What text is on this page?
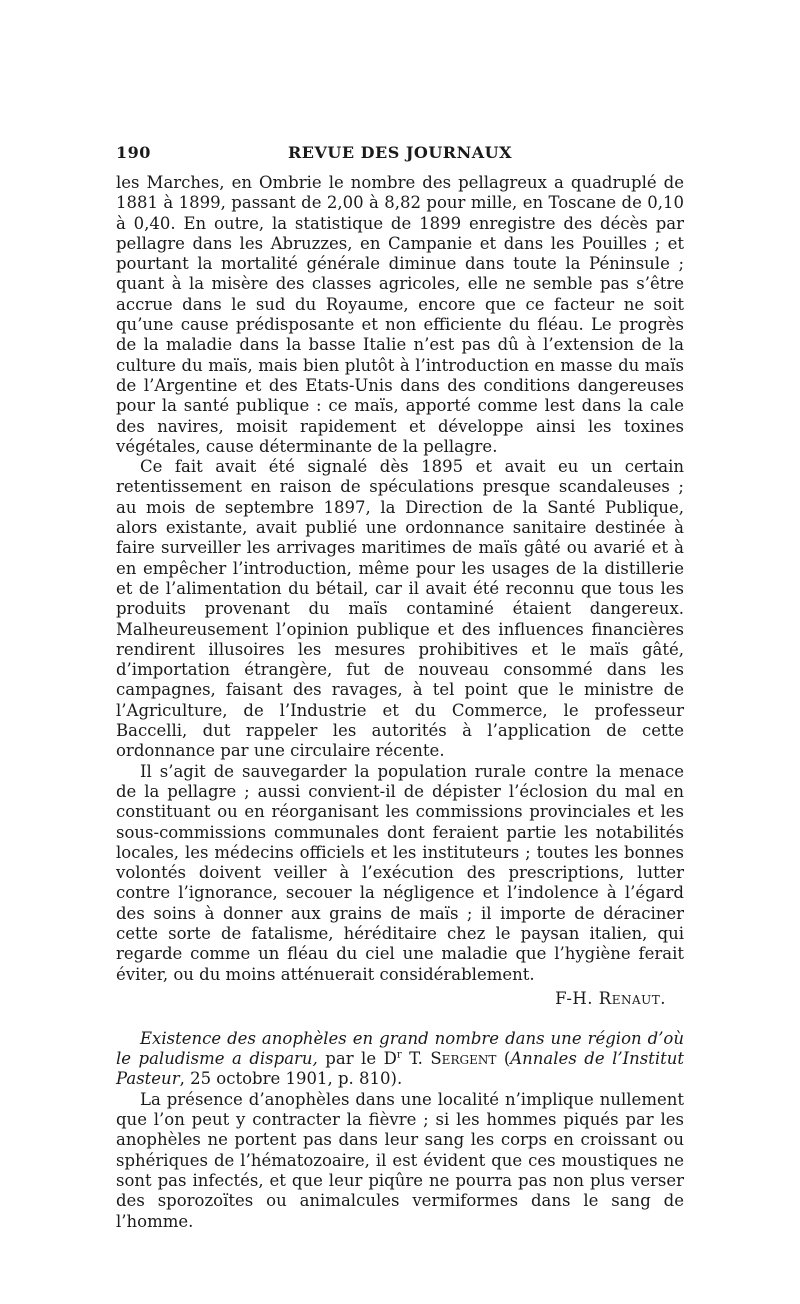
190	REVUE DES JOURNAUX

les Marches, en Ombrie le nombre des pellagreux a quadruplé de 1881 à 1899, passant de 2,00 à 8,82 pour mille, en Toscane de 0,10 à 0,40. En outre, la statistique de 1899 enregistre des décès par pellagre dans les Abruzzes, en Campanie et dans les Pouilles ; et pourtant la mortalité générale diminue dans toute la Péninsule ; quant à la misère des classes agricoles, elle ne semble pas s’être accrue dans le sud du Royaume, encore que ce facteur ne soit qu’une cause prédisposante et non efficiente du fléau. Le progrès de la maladie dans la basse Italie n’est pas dû à l’extension de la culture du maïs, mais bien plutôt à l’introduction en masse du maïs de l’Argentine et des Etats-Unis dans des conditions dangereuses pour la santé publique : ce maïs, apporté comme lest dans la cale des navires, moisit rapidement et développe ainsi les toxines végétales, cause déterminante de la pellagre.

Ce fait avait été signalé dès 1895 et avait eu un certain retentissement en raison de spéculations presque scandaleuses ; au mois de septembre 1897, la Direction de la Santé Publique, alors existante, avait publié une ordonnance sanitaire destinée à faire surveiller les arrivages maritimes de maïs gâté ou avarié et à en empêcher l’introduction, même pour les usages de la distillerie et de l’alimentation du bétail, car il avait été reconnu que tous les produits provenant du maïs contaminé étaient dangereux. Malheureusement l’opinion publique et des influences financières rendirent illusoires les mesures prohibitives et le maïs gâté, d’importation étrangère, fut de nouveau consommé dans les campagnes, faisant des ravages, à tel point que le ministre de l’Agriculture, de l’Industrie et du Commerce, le professeur Baccelli, dut rappeler les autorités à l’application de cette ordonnance par une circulaire récente.

Il s’agit de sauvegarder la population rurale contre la menace de la pellagre ; aussi convient-il de dépister l’éclosion du mal en constituant ou en réorganisant les commissions provinciales et les sous-commissions communales dont feraient partie les notabilités locales, les médecins officiels et les instituteurs ; toutes les bonnes volontés doivent veiller à l’exécution des prescriptions, lutter contre l’ignorance, secouer la négligence et l’indolence à l’égard des soins à donner aux grains de maïs ; il importe de déraciner cette sorte de fatalisme, héréditaire chez le paysan italien, qui regarde comme un fléau du ciel une maladie que l’hygiène ferait éviter, ou du moins atténuerait considérablement.

F-H. Renaut.

Existence des anophèles en grand nombre dans une région d’où le paludisme a disparu, par le $D^r$ T. Sergent (Annales de l’Institut Pasteur, 25 octobre 1901, p. 810).

La présence d’anophèles dans une localité n’implique nullement que l’on peut y contracter la fièvre ; si les hommes piqués par les anophèles ne portent pas dans leur sang les corps en croissant ou sphériques de l’hématozoaire, il est évident que ces moustiques ne sont pas infectés, et que leur piqûre ne pourra pas non plus verser des sporozoïtes ou animalcules vermiformes dans le sang de l’homme.
